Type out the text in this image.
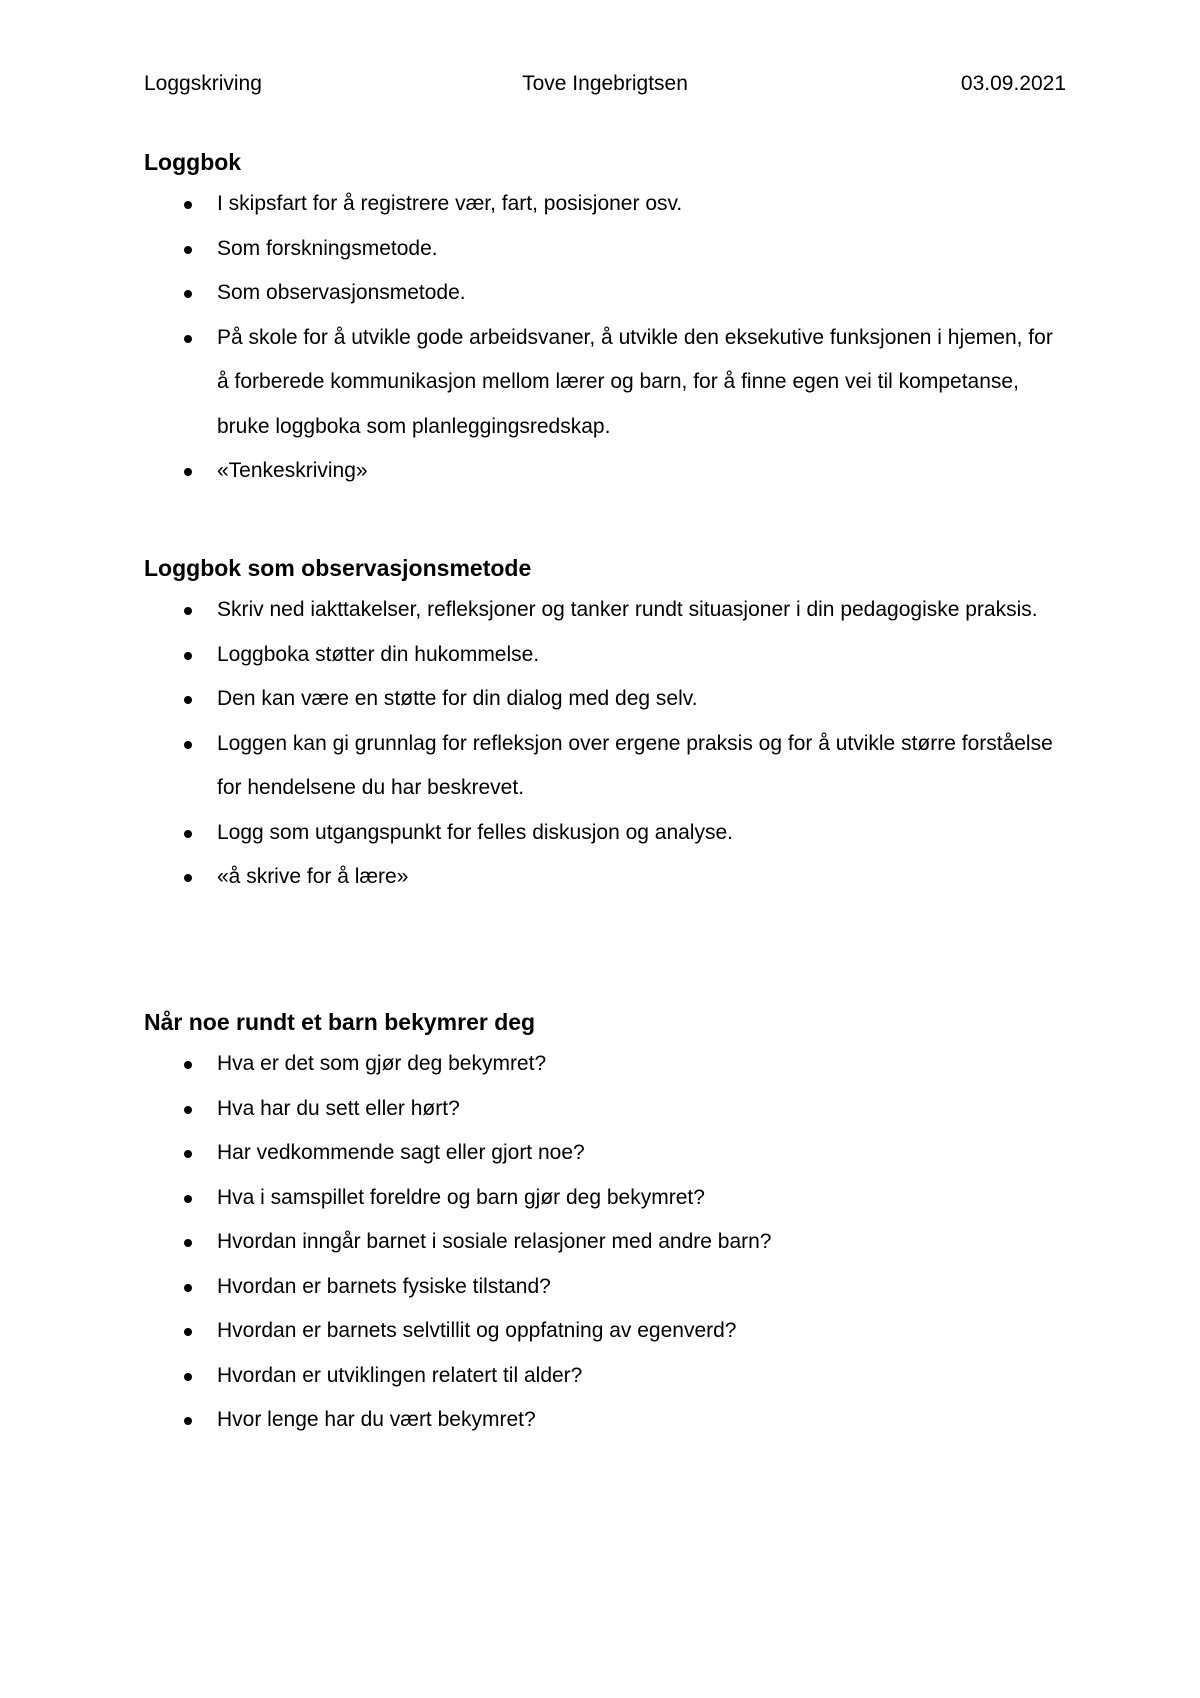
Loggskriving	Tove Ingebrigtsen	03.09.2021
Loggbok
I skipsfart for å registrere vær, fart, posisjoner osv.
Som forskningsmetode.
Som observasjonsmetode.
På skole for å utvikle gode arbeidsvaner, å utvikle den eksekutive funksjonen i hjemen, for å forberede kommunikasjon mellom lærer og barn, for å finne egen vei til kompetanse, bruke loggboka som planleggingsredskap.
«Tenkeskriving»
Loggbok som observasjonsmetode
Skriv ned iakttakelser, refleksjoner og tanker rundt situasjoner i din pedagogiske praksis.
Loggboka støtter din hukommelse.
Den kan være en støtte for din dialog med deg selv.
Loggen kan gi grunnlag for refleksjon over ergene praksis og for å utvikle større forståelse for hendelsene du har beskrevet.
Logg som utgangspunkt for felles diskusjon og analyse.
«å skrive for å lære»
Når noe rundt et barn bekymrer deg
Hva er det som gjør deg bekymret?
Hva har du sett eller hørt?
Har vedkommende sagt eller gjort noe?
Hva i samspillet foreldre og barn gjør deg bekymret?
Hvordan inngår barnet i sosiale relasjoner med andre barn?
Hvordan er barnets fysiske tilstand?
Hvordan er barnets selvtillit og oppfatning av egenverd?
Hvordan er utviklingen relatert til alder?
Hvor lenge har du vært bekymret?
